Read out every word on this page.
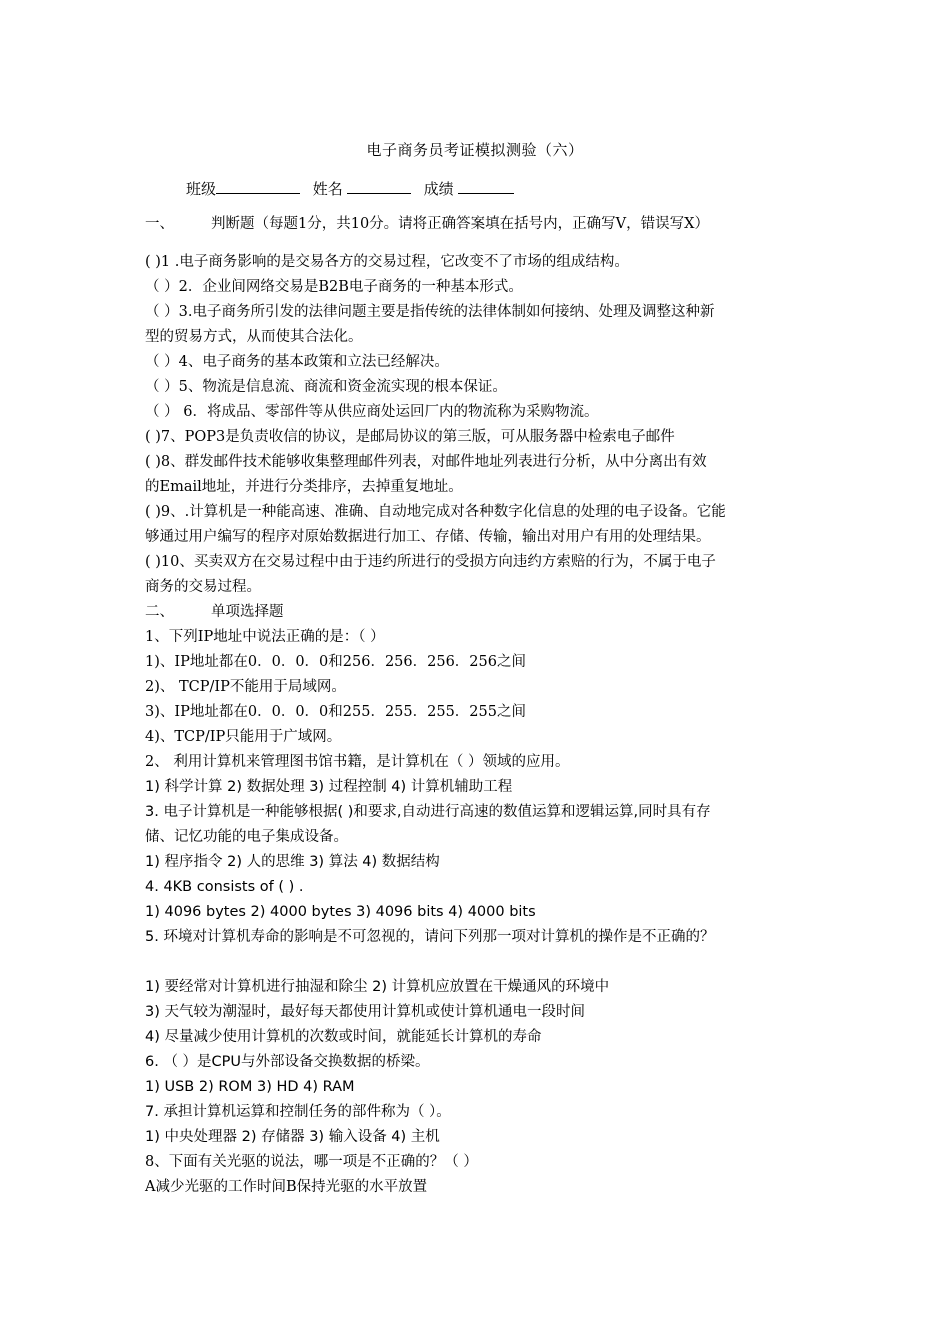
电子商务员考证模拟测验（六）
班级	姓名	成绩
一、	判断题（每题1分，共10分。请将正确答案填在括号内，正确写V，错误写X）
( )1 .电子商务影响的是交易各方的交易过程，它改变不了市场的组成结构。
（ ）2．企业间网络交易是B2B电子商务的一种基本形式。
（ ）3.电子商务所引发的法律问题主要是指传统的法律体制如何接纳、处理及调整这种新
型的贸易方式，从而使其合法化。
（ ）4、电子商务的基本政策和立法已经解决。
（ ）5、物流是信息流、商流和资金流实现的根本保证。
（ ） 6．将成品、零部件等从供应商处运回厂内的物流称为采购物流。
( )7、POP3是负责收信的协议，是邮局协议的第三版，可从服务器中检索电子邮件
( )8、群发邮件技术能够收集整理邮件列表，对邮件地址列表进行分析，从中分离出有效
的Email地址，并进行分类排序，去掉重复地址。
( )9、.计算机是一种能高速、准确、自动地完成对各种数字化信息的处理的电子设备。它能
够通过用户编写的程序对原始数据进行加工、存储、传输，输出对用户有用的处理结果。
( )10、买卖双方在交易过程中由于违约所进行的受损方向违约方索赔的行为，不属于电子
商务的交易过程。
二、	单项选择题
1、下列IP地址中说法正确的是：（ ）
1)、IP地址都在0．0．0．0和256．256．256．256之间
2)、 TCP/IP不能用于局域网。
3)、IP地址都在0．0．0．0和255．255．255．255之间
4)、TCP/IP只能用于广域网。
2、 利用计算机来管理图书馆书籍，是计算机在（ ）领域的应用。
1) 科学计算 2) 数据处理 3) 过程控制 4) 计算机辅助工程
3. 电子计算机是一种能够根据( )和要求,自动进行高速的数值运算和逻辑运算,同时具有存
储、记忆功能的电子集成设备。
1) 程序指令 2) 人的思维 3) 算法 4) 数据结构
4. 4KB consists of ( ) .
1) 4096 bytes 2) 4000 bytes 3) 4096 bits 4) 4000 bits
5. 环境对计算机寿命的影响是不可忽视的，请问下列那一项对计算机的操作是不正确的？
1) 要经常对计算机进行抽湿和除尘 2) 计算机应放置在干燥通风的环境中
3) 天气较为潮湿时，最好每天都使用计算机或使计算机通电一段时间
4) 尽量减少使用计算机的次数或时间，就能延长计算机的寿命
6. （ ）是CPU与外部设备交换数据的桥梁。
1) USB 2) ROM 3) HD 4) RAM
7. 承担计算机运算和控制任务的部件称为（ ）。
1) 中央处理器 2) 存储器 3) 输入设备 4) 主机
8、下面有关光驱的说法，哪一项是不正确的？（ ）
A减少光驱的工作时间B保持光驱的水平放置
